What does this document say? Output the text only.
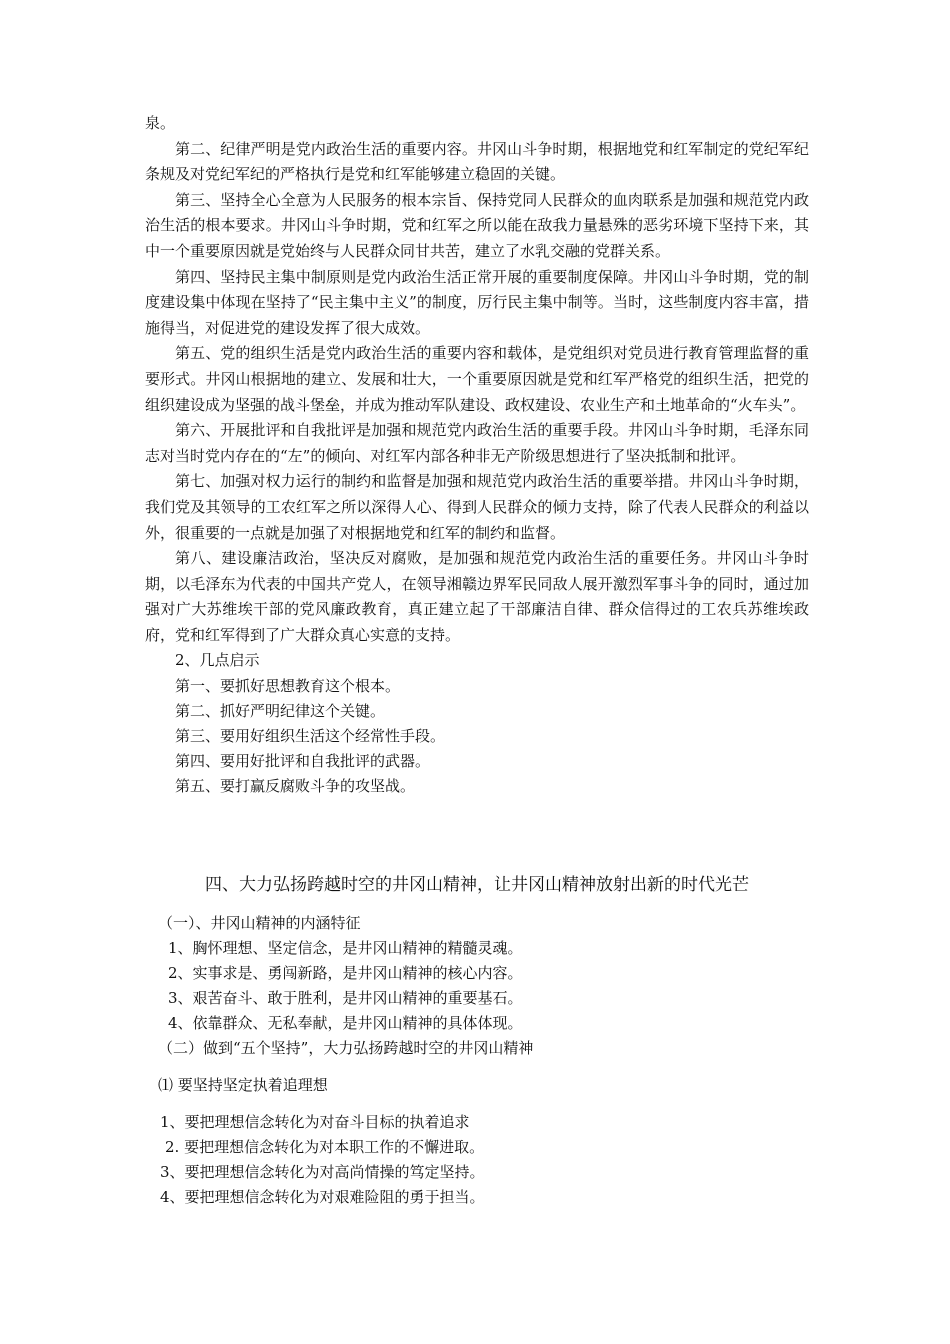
泉。

第二、纪律严明是党内政治生活的重要内容。井冈山斗争时期，根据地党和红军制定的党纪军纪条规及对党纪军纪的严格执行是党和红军能够建立稳固的关键。

第三、坚持全心全意为人民服务的根本宗旨、保持党同人民群众的血肉联系是加强和规范党内政治生活的根本要求。井冈山斗争时期，党和红军之所以能在敌我力量悬殊的恶劣环境下坚持下来，其中一个重要原因就是党始终与人民群众同甘共苦，建立了水乳交融的党群关系。

第四、坚持民主集中制原则是党内政治生活正常开展的重要制度保障。井冈山斗争时期，党的制度建设集中体现在坚持了“民主集中主义”的制度，厉行民主集中制等。当时，这些制度内容丰富，措施得当，对促进党的建设发挥了很大成效。

第五、党的组织生活是党内政治生活的重要内容和载体，是党组织对党员进行教育管理监督的重要形式。井冈山根据地的建立、发展和壮大，一个重要原因就是党和红军严格党的组织生活，把党的组织建设成为坚强的战斗堡垒，并成为推动军队建设、政权建设、农业生产和土地革命的“火车头”。

第六、开展批评和自我批评是加强和规范党内政治生活的重要手段。井冈山斗争时期，毛泽东同志对当时党内存在的“左”的倾向、对红军内部各种非无产阶级思想进行了坚决抵制和批评。

第七、加强对权力运行的制约和监督是加强和规范党内政治生活的重要举措。井冈山斗争时期，我们党及其领导的工农红军之所以深得人心、得到人民群众的倾力支持，除了代表人民群众的利益以外，很重要的一点就是加强了对根据地党和红军的制约和监督。

第八、建设廉洁政治，坚决反对腐败，是加强和规范党内政治生活的重要任务。井冈山斗争时期，以毛泽东为代表的中国共产党人，在领导湘赣边界军民同敌人展开激烈军事斗争的同时，通过加强对广大苏维埃干部的党风廉政教育，真正建立起了干部廉洁自律、群众信得过的工农兵苏维埃政府，党和红军得到了广大群众真心实意的支持。

2、几点启示

第一、要抓好思想教育这个根本。

第二、抓好严明纪律这个关键。

第三、要用好组织生活这个经常性手段。

第四、要用好批评和自我批评的武器。

第五、要打赢反腐败斗争的攻坚战。

四、大力弘扬跨越时空的井冈山精神，让井冈山精神放射出新的时代光芒
（一）、井冈山精神的内涵特征
1、胸怀理想、坚定信念，是井冈山精神的精髓灵魂。
2、实事求是、勇闯新路，是井冈山精神的核心内容。
3、艰苦奋斗、敢于胜利，是井冈山精神的重要基石。
4、依靠群众、无私奉献，是井冈山精神的具体体现。
（二）做到“五个坚持”，大力弘扬跨越时空的井冈山精神
⑴ 要坚持坚定执着追理想
1、要把理想信念转化为对奋斗目标的执着追求
2. 要把理想信念转化为对本职工作的不懈进取。
3、要把理想信念转化为对高尚情操的笃定坚持。
4、要把理想信念转化为对艰难险阻的勇于担当。
